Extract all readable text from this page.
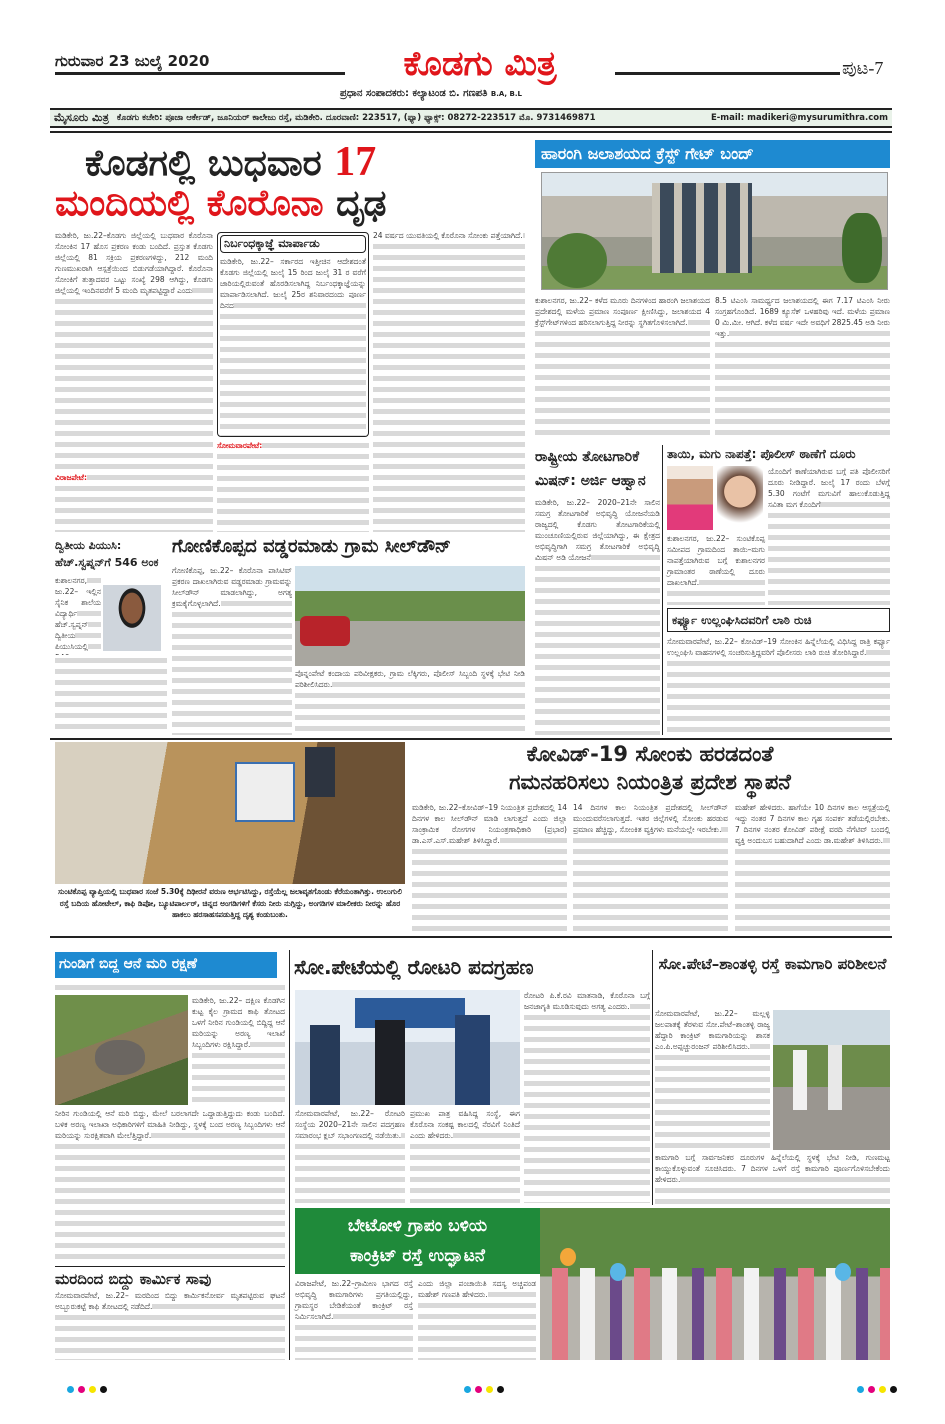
ಗುರುವಾರ 23 ಜುಲೈ 2020	ಕೊಡಗು ಮಿತ್ರ	ಪುಟ-7
ಪ್ರಧಾನ ಸಂಪಾದಕರು: ಕಲ್ಯಾಟಂಡ ಬಿ. ಗಣಪತಿ B.A, B.L
ಮೈಸೂರು ಮಿತ್ರ ಕೊಡಗು ಕಚೇರಿ: ಪೂಜಾ ಆರ್ಕೇಡ್, ಜೂನಿಯರ್ ಕಾಲೇಜು ರಸ್ತೆ, ಮಡಿಕೇರಿ. ದೂರವಾಣಿ: 223517, (ಫ್ಯಾ) ಫ್ಯಾಕ್ಸ್: 08272-223517 ಮೊ. 9731469871	E-mail: madikeri@mysurumithra.com
ಕೊಡಗಲ್ಲಿ ಬುಧವಾರ 17
ಮಂದಿಯಲ್ಲಿ ಕೊರೊನಾ ದೃಢ
ಮಡಿಕೇರಿ, ಜು.22–ಕೊಡಗು ಜಿಲ್ಲೆಯಲ್ಲಿ ಬುಧವಾರ ಕೊರೊನಾ ಸೋಂಕಿನ 17 ಹೊಸ ಪ್ರಕರಣ ಕಂಡು ಬಂದಿದೆ. ಪ್ರಸ್ತುತ ಕೊಡಗು ಜಿಲ್ಲೆಯಲ್ಲಿ 81 ಸಕ್ರಿಯ ಪ್ರಕರಣಗಳಿದ್ದು, 212 ಮಂದಿ ಗುಣಮುಖರಾಗಿ ಆಸ್ಪತ್ರೆಯಿಂದ ಬಿಡುಗಡೆಯಾಗಿದ್ದಾರೆ. ಕೊರೊನಾ ಸೋಂಕಿಗೆ ತುತ್ತಾದವರ ಒಟ್ಟು ಸಂಖ್ಯೆ 298 ಆಗಿದ್ದು, ಕೊಡಗು ಜಿಲ್ಲೆಯಲ್ಲಿ ಇಂದಿನವರೆಗೆ 5 ಮಂದಿ ಮೃತಪಟ್ಟಿದ್ದಾರೆ ಎಂದು
ವಿರಾಜಪೇಟೆ:
ನಿರ್ಬಂಧಕ್ಕಾಜ್ಞೆ ಮಾರ್ಪಾಡು
ಮಡಿಕೇರಿ, ಜು.22– ಸರ್ಕಾರದ ಇತ್ತೀಚಿನ ಆದೇಶದಂತೆ ಕೊಡಗು ಜಿಲ್ಲೆಯಲ್ಲಿ ಜುಲೈ 15 ರಿಂದ ಜುಲೈ 31 ರ ವರೆಗೆ ಜಾರಿಯಲ್ಲಿರುವಂತೆ ಹೊರಡಿಸಲಾಗಿದ್ದ ನಿರ್ಬಂಧಕ್ಕಾಜ್ಞೆಯನ್ನು ಮಾರ್ಪಾಡಿಸಲಾಗಿದೆ. ಜುಲೈ 25ರ ಶನಿವಾರದಂದು ಪೂರ್ಣ ದಿನದ
ಸೋಮವಾರಪೇಟೆ:
24 ವರ್ಷದ ಯುವತಿಯಲ್ಲಿ ಕೊರೊನಾ ಸೋಂಕು ಪತ್ತೆಯಾಗಿದೆ.
ಹಾರಂಗಿ ಜಲಾಶಯದ ಕ್ರೆಸ್ಟ್ ಗೇಟ್ ಬಂದ್
ಕುಶಾಲನಗರ, ಜು.22– ಕಳೆದ ಮೂರು ದಿನಗಳಿಂದ ಹಾರಂಗಿ ಜಲಾಶಯದ ಪ್ರದೇಶದಲ್ಲಿ ಮಳೆಯ ಪ್ರಮಾಣ ಸಂಪೂರ್ಣ ಕ್ಷೀಣಿಸಿದ್ದು, ಜಲಾಶಯದ 4 ಕ್ರೆಸ್ಟ್‌ಗೇಟ್‌ಗಳಿಂದ ಹರಿಸಲಾಗುತ್ತಿದ್ದ ನೀರನ್ನು ಸ್ಥಗಿತಗೊಳಿಸಲಾಗಿದೆ.
8.5 ಟಿಎಂಸಿ ಸಾಮರ್ಥ್ಯದ ಜಲಾಶಯದಲ್ಲಿ ಈಗ 7.17 ಟಿಎಂಸಿ ನೀರು ಸಂಗ್ರಹಗೊಂಡಿದೆ. 1689 ಕ್ಯೂಸೆಕ್ ಒಳಹರಿವು ಇದೆ. ಮಳೆಯ ಪ್ರಮಾಣ 0 ಮಿ.ಮೀ. ಆಗಿದೆ. ಕಳೆದ ವರ್ಷ ಇದೇ ಅವಧಿಗೆ 2825.45 ಅಡಿ ನೀರು ಇತ್ತು.
ರಾಷ್ಟ್ರೀಯ ತೋಟಗಾರಿಕೆ ಮಿಷನ್: ಅರ್ಜಿ ಆಹ್ವಾನ
ಮಡಿಕೇರಿ, ಜು.22– 2020–21ನೇ ಸಾಲಿನ ಸಮಗ್ರ ತೋಟಗಾರಿಕೆ ಅಭಿವೃದ್ಧಿ ಯೋಜನೆಯಡಿ ರಾಜ್ಯದಲ್ಲಿ ಕೊಡಗು ತೋಟಗಾರಿಕೆಯಲ್ಲಿ ಮುಂಚೂಣಿಯಲ್ಲಿರುವ ಜಿಲ್ಲೆಯಾಗಿದ್ದು, ಈ ಕ್ಷೇತ್ರದ ಅಭಿವೃದ್ಧಿಗಾಗಿ ಸಮಗ್ರ ತೋಟಗಾರಿಕೆ ಅಭಿವೃದ್ಧಿ ಮಿಷನ್ ಅಡಿ ಯೋಜನೆ
ತಾಯಿ, ಮಗು ನಾಪತ್ತೆ: ಪೊಲೀಸ್ ಠಾಣೆಗೆ ದೂರು
ಕುಶಾಲನಗರ, ಜು.22– ಸುಂಟಿಕೊಪ್ಪ ಸಮೀಪದ ಗ್ರಾಮದಿಂದ ತಾಯಿ–ಮಗು ನಾಪತ್ತೆಯಾಗಿರುವ ಬಗ್ಗೆ ಕುಶಾಲನಗರ ಗ್ರಾಮಾಂತರ ಠಾಣೆಯಲ್ಲಿ ದೂರು ದಾಖಲಾಗಿದೆ.
ಯೊಂದಿಗೆ ಕಾಣೆಯಾಗಿರುವ ಬಗ್ಗೆ ಪತಿ ಪೊಲೀಸರಿಗೆ ದೂರು ನೀಡಿದ್ದಾರೆ. ಜುಲೈ 17 ರಂದು ಬೆಳಗ್ಗೆ 5.30 ಗಂಟೆಗೆ ಮಗುವಿಗೆ ಹಾಲುಕೊಡುತ್ತಿದ್ದ ಸವಿತಾ ಮಗ ಕೊಂದಿಗೆ
ಕರ್ಫ್ಯೂ ಉಲ್ಲಂಘಿಸಿದವರಿಗೆ ಲಾಠಿ ರುಚಿ
ಸೋಮವಾರಪೇಟೆ, ಜು.22– ಕೋವಿಡ್–19 ಸೋಂಕಿನ ಹಿನ್ನೆಲೆಯಲ್ಲಿ ವಿಧಿಸಿದ್ದ ರಾತ್ರಿ ಕರ್ಫ್ಯೂ ಉಲ್ಲಂಘಿಸಿ ವಾಹನಗಳಲ್ಲಿ ಸಂಚರಿಸುತ್ತಿದ್ದವರಿಗೆ ಪೊಲೀಸರು ಲಾಠಿ ರುಚಿ ತೋರಿಸಿದ್ದಾರೆ.
ದ್ವಿತೀಯ ಪಿಯುಸಿ: ಹೆಚ್.ಸ್ವಪ್ನನ್‌ಗೆ 546 ಅಂಕ
ಕುಶಾಲನಗರ, ಜು.22– ಇಲ್ಲಿನ ಸೈನಿಕ ಶಾಲೆಯ ವಿದ್ಯಾರ್ಥಿ ಹೆಚ್.ಸ್ವಪ್ನನ್ ದ್ವಿತೀಯ ಪಿಯುಸಿಯಲ್ಲಿ
ಗೋಣಿಕೊಪ್ಪದ ವಡ್ಡರಮಾಡು ಗ್ರಾಮ ಸೀಲ್‌ಡೌನ್
ಗೋಣಿಕೊಪ್ಪ, ಜು.22– ಕೊರೊನಾ ಪಾಸಿಟಿವ್ ಪ್ರಕರಣ ದಾಖಲಾಗಿರುವ ವಡ್ಡರಮಾಡು ಗ್ರಾಮವನ್ನು ಸೀಲ್‌ಡೌನ್ ಮಾಡಲಾಗಿದ್ದು, ಅಗತ್ಯ ಕ್ರಮಕೈಗೊಳ್ಳಲಾಗಿದೆ.
ಪೊನ್ನಂಪೇಟೆ ಕಂದಾಯ ಪರಿವೀಕ್ಷಕರು, ಗ್ರಾಮ ಲೆಕ್ಕಿಗರು, ಪೊಲೀಸ್ ಸಿಬ್ಬಂದಿ ಸ್ಥಳಕ್ಕೆ ಭೇಟಿ ನೀಡಿ ಪರಿಶೀಲಿಸಿದರು.
ಸುಂಟಿಕೊಪ್ಪ ವ್ಯಾಪ್ತಿಯಲ್ಲಿ ಬುಧವಾರ ಸಂಜೆ 5.30ಕ್ಕೆ ದಿಢೀರನೆ ವರುಣ ಆರ್ಭಟಿಸಿದ್ದು, ರಸ್ತೆಯೆಲ್ಲ ಜಲಾವೃತಗೊಂಡು ಕೆರೆಯಂತಾಗಿತ್ತು. ಉಲುಗುಲಿ ರಸ್ತೆ ಬದಿಯ ಹೋಟೇಲ್, ಕಾಫಿ ಡಿಪೋ, ಬ್ಯೂಟಿಪಾರ್ಲರ್, ಚಿನ್ನದ ಅಂಗಡಿಗಳಿಗೆ ಕೆಸರು ನೀರು ನುಗ್ಗಿದ್ದು, ಅಂಗಡಿಗಳ ಮಾಲೀಕರು ನೀರನ್ನು ಹೊರ ಹಾಕಲು ಹರಸಾಹಸಪಡುತ್ತಿದ್ದ ದೃಶ್ಯ ಕಂಡುಬಂತು.
ಕೋವಿಡ್-19 ಸೋಂಕು ಹರಡದಂತೆ
ಗಮನಹರಿಸಲು ನಿಯಂತ್ರಿತ ಪ್ರದೇಶ ಸ್ಥಾಪನೆ
ಮಡಿಕೇರಿ, ಜು.22–ಕೋವಿಡ್–19 ನಿಯಂತ್ರಿತ ಪ್ರದೇಶದಲ್ಲಿ 14 ದಿನಗಳ ಕಾಲ ಸೀಲ್‌ಡೌನ್ ಮಾಡಿ ಲಾಗುತ್ತದೆ ಎಂದು ಜಿಲ್ಲಾ ಸಾಂಕ್ರಾಮಿಕ ರೋಗಗಳ ನಿಯಂತ್ರಣಾಧಿಕಾರಿ (ಪ್ರಭಾರ) ಡಾ.ಎಸ್.ಎಸ್.ಮಹೇಶ್ ತಿಳಿಸಿದ್ದಾರೆ.
14 ದಿನಗಳ ಕಾಲ ನಿಯಂತ್ರಿತ ಪ್ರದೇಶದಲ್ಲಿ ಸೀಲ್‌ಡೌನ್ ಮುಂದುವರೆಸಲಾಗುತ್ತದೆ. ಇತರ ಜಿಲ್ಲೆಗಳಲ್ಲಿ ಸೋಂಕು ಹರಡುವ ಪ್ರಮಾಣ ಹೆಚ್ಚಿದ್ದು, ಸೋಂಕಿತ ವ್ಯಕ್ತಿಗಳು ಮನೆಯಲ್ಲೇ ಇರಬೇಕು.
ಮಹೇಶ್ ಹೇಳಿದರು. ಹಾಗೆಯೇ 10 ದಿನಗಳ ಕಾಲ ಆಸ್ಪತ್ರೆಯಲ್ಲಿ ಇದ್ದು ನಂತರ 7 ದಿನಗಳ ಕಾಲ ಗೃಹ ಸಂಪರ್ಕ ತಡೆಯಲ್ಲಿರಬೇಕು. 7 ದಿನಗಳ ನಂತರ ಕೋವಿಡ್ ಪರೀಕ್ಷೆ ವರದಿ ನೆಗೆಟಿವ್ ಬಂದಲ್ಲಿ ವ್ಯಕ್ತಿ ಅಂದುಬಸ ಬಹುದಾಗಿದೆ ಎಂದು ಡಾ.ಮಹೇಶ್ ತಿಳಿಸಿದರು.
ಗುಂಡಿಗೆ ಬಿದ್ದ ಆನೆ ಮರಿ ರಕ್ಷಣೆ
ಮಡಿಕೇರಿ, ಜು.22– ದಕ್ಷಿಣ ಕೊಡಗಿನ ಕುಟ್ಟ ಕೈಲ ಗ್ರಾಮದ ಕಾಫಿ ತೋಟದ ಒಳಗೆ ನೀರಿನ ಗುಂಡಿಯಲ್ಲಿ ಬಿದ್ದಿದ್ದ ಆನೆ ಮರಿಯನ್ನು ಅರಣ್ಯ ಇಲಾಖೆ ಸಿಬ್ಬಂದಿಗಳು ರಕ್ಷಿಸಿದ್ದಾರೆ.
ನೀರಿನ ಗುಂಡಿಯಲ್ಲಿ ಆನೆ ಮರಿ ಬಿದ್ದು, ಮೇಲೆ ಬರಲಾಗದೇ ಒದ್ದಾಡುತ್ತಿದ್ದುದು ಕಂಡು ಬಂದಿದೆ. ಬಳಿಕ ಅರಣ್ಯ ಇಲಾಖಾ ಅಧಿಕಾರಿಗಳಿಗೆ ಮಾಹಿತಿ ನೀಡಿದ್ದು, ಸ್ಥಳಕ್ಕೆ ಬಂದ ಅರಣ್ಯ ಸಿಬ್ಬಂದಿಗಳು ಆನೆ ಮರಿಯನ್ನು ಸುರಕ್ಷಿತವಾಗಿ ಮೇಲೆತ್ತಿದ್ದಾರೆ.
ಮರದಿಂದ ಬಿದ್ದು ಕಾರ್ಮಿಕ ಸಾವು
ಸೋಮವಾರಪೇಟೆ, ಜು.22– ಮರದಿಂದ ಬಿದ್ದು ಕಾರ್ಮಿಕನೋರ್ವ ಮೃತಪಟ್ಟಿರುವ ಘಟನೆ ಅಬ್ಬೂರುಕಟ್ಟೆ ಕಾಫಿ ತೋಟದಲ್ಲಿ ನಡೆದಿದೆ.
ಸೋ.ಪೇಟೆಯಲ್ಲಿ ರೋಟರಿ ಪದಗ್ರಹಣ
ಸೋಮವಾರಪೇಟೆ, ಜು.22– ರೋಟರಿ ಸಂಸ್ಥೆಯ 2020–21ನೇ ಸಾಲಿನ ಪದಗ್ರಹಣ ಸಮಾರಂಭ ಕ್ಲಬ್ ಸಭಾಂಗಣದಲ್ಲಿ ನಡೆಯಿತು.
ಪ್ರಮುಖ ಪಾತ್ರ ವಹಿಸಿದ್ದ ಸಂಸ್ಥೆ, ಈಗ ಕೊರೊನಾ ಸಂಕಷ್ಟ ಕಾಲದಲ್ಲಿ ನೆರವಿಗೆ ನಿಂತಿದೆ ಎಂದು ಹೇಳಿದರು.
ರೋಟರಿ ಪಿ.ಕೆ.ರವಿ ಮಾತನಾಡಿ, ಕೊರೊನಾ ಬಗ್ಗೆ ಜನಜಾಗೃತಿ ಮೂಡಿಸುವುದು ಅಗತ್ಯ ಎಂದರು.
ಸೋ.ಪೇಟೆ–ಶಾಂತಳ್ಳಿ ರಸ್ತೆ ಕಾಮಗಾರಿ ಪರಿಶೀಲನೆ
ಸೋಮವಾರಪೇಟೆ, ಜು.22– ಮಲ್ಲಳ್ಳಿ ಜಲಪಾತಕ್ಕೆ ತೆರಳುವ ಸೋ.ಪೇಟೆ–ಶಾಂತಳ್ಳಿ ರಾಜ್ಯ ಹೆದ್ದಾರಿ ಕಾಂಕ್ರಿಟ್ ಕಾಮಗಾರಿಯನ್ನು ಶಾಸಕ ಎಂ.ಪಿ.ಅಪ್ಪಚ್ಚುರಂಜನ್ ಪರಿಶೀಲಿಸಿದರು.
ಕಾಮಗಾರಿ ಬಗ್ಗೆ ಸಾರ್ವಜನಿಕರ ದೂರುಗಳ ಹಿನ್ನೆಲೆಯಲ್ಲಿ ಸ್ಥಳಕ್ಕೆ ಭೇಟಿ ನೀಡಿ, ಗುಣಮಟ್ಟ ಕಾಯ್ದುಕೊಳ್ಳುವಂತೆ ಸೂಚಿಸಿದರು. 7 ದಿನಗಳ ಒಳಗೆ ರಸ್ತೆ ಕಾಮಗಾರಿ ಪೂರ್ಣಗೊಳಿಸಬೇಕೆಂದು ಹೇಳಿದರು.
ಬೇಟೋಳಿ ಗ್ರಾಪಂ ಬಳಿಯ
ಕಾಂಕ್ರಿಟ್ ರಸ್ತೆ ಉದ್ಘಾಟನೆ
ವಿರಾಜಪೇಟೆ, ಜು.22–ಗ್ರಾಮೀಣ ಭಾಗದ ರಸ್ತೆ ಅಭಿವೃದ್ಧಿ ಕಾಮಗಾರಿಗಳು ಪ್ರಗತಿಯಲ್ಲಿದ್ದು, ಗ್ರಾಮಸ್ಥರ ಬೇಡಿಕೆಯಂತೆ ಕಾಂಕ್ರಿಟ್ ರಸ್ತೆ ನಿರ್ಮಿಸಲಾಗಿದೆ.
ಎಂದು ಜಿಲ್ಲಾ ಪಂಚಾಯಿತಿ ಸದಸ್ಯ ಅಚ್ಚಪಂಡ ಮಹೇಶ್ ಗಣಪತಿ ಹೇಳಿದರು.
